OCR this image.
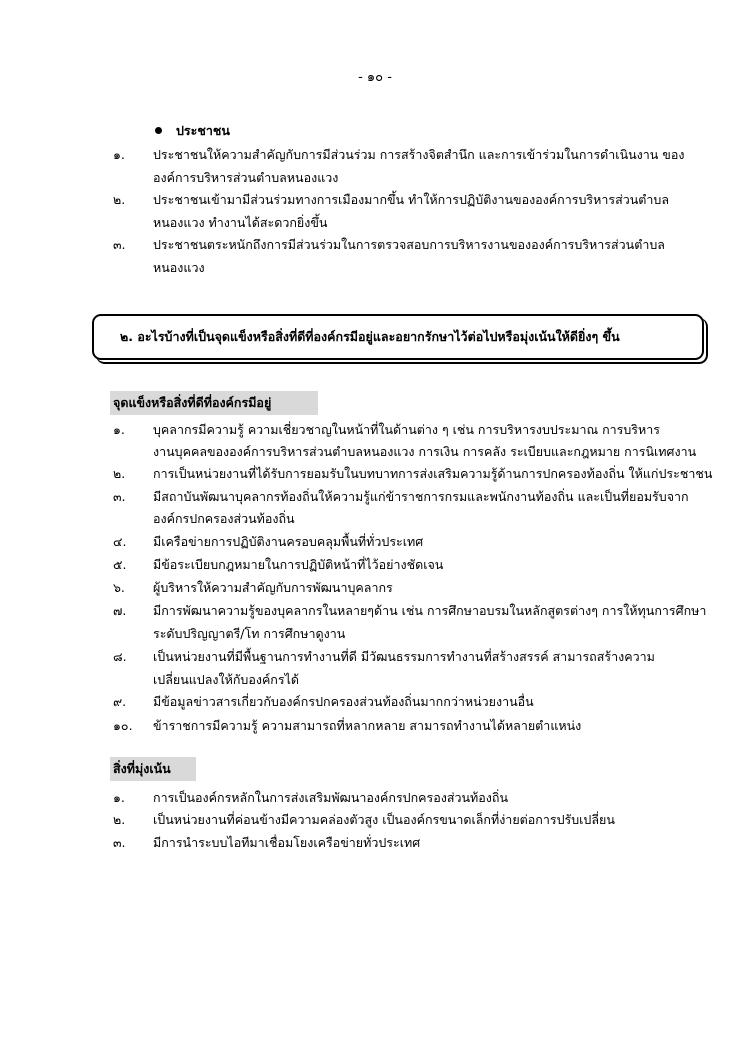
- ๑๐ -
ประชาชน
๑. ประชาชนให้ความสำคัญกับการมีส่วนร่วม การสร้างจิตสำนึก และการเข้าร่วมในการดำเนินงาน ของ
องค์การบริหารส่วนตำบลหนองแวง
๒. ประชาชนเข้ามามีส่วนร่วมทางการเมืองมากขึ้น ทำให้การปฏิบัติงานขององค์การบริหารส่วนตำบล
หนองแวง ทำงานได้สะดวกยิ่งขึ้น
๓. ประชาชนตระหนักถึงการมีส่วนร่วมในการตรวจสอบการบริหารงานขององค์การบริหารส่วนตำบล
หนองแวง
๒. อะไรบ้างที่เป็นจุดแข็งหรือสิ่งที่ดีที่องค์กรมีอยู่และอยากรักษาไว้ต่อไปหรือมุ่งเน้นให้ดียิ่งๆ ขึ้น
จุดแข็งหรือสิ่งที่ดีที่องค์กรมีอยู่
๑. บุคลากรมีความรู้ ความเชี่ยวชาญในหน้าที่ในด้านต่าง ๆ เช่น การบริหารงบประมาณ การบริหาร
งานบุคคลขององค์การบริหารส่วนตำบลหนองแวง การเงิน การคลัง ระเบียบและกฎหมาย การนิเทศงาน
๒. การเป็นหน่วยงานที่ได้รับการยอมรับในบทบาทการส่งเสริมความรู้ด้านการปกครองท้องถิ่น ให้แก่ประชาชน
๓. มีสถาบันพัฒนาบุคลากรท้องถิ่นให้ความรู้แก่ข้าราชการกรมและพนักงานท้องถิ่น และเป็นที่ยอมรับจาก
องค์กรปกครองส่วนท้องถิ่น
๔. มีเครือข่ายการปฏิบัติงานครอบคลุมพื้นที่ทั่วประเทศ
๕. มีข้อระเบียบกฎหมายในการปฏิบัติหน้าที่ไว้อย่างชัดเจน
๖. ผู้บริหารให้ความสำคัญกับการพัฒนาบุคลากร
๗. มีการพัฒนาความรู้ของบุคลากรในหลายๆด้าน เช่น การศึกษาอบรมในหลักสูตรต่างๆ การให้ทุนการศึกษา
ระดับปริญญาตรี/โท การศึกษาดูงาน
๘. เป็นหน่วยงานที่มีพื้นฐานการทำงานที่ดี มีวัฒนธรรมการทำงานที่สร้างสรรค์ สามารถสร้างความ
เปลี่ยนแปลงให้กับองค์กรได้
๙. มีข้อมูลข่าวสารเกี่ยวกับองค์กรปกครองส่วนท้องถิ่นมากกว่าหน่วยงานอื่น
๑๐. ข้าราชการมีความรู้ ความสามารถที่หลากหลาย สามารถทำงานได้หลายตำแหน่ง
สิ่งที่มุ่งเน้น
๑. การเป็นองค์กรหลักในการส่งเสริมพัฒนาองค์กรปกครองส่วนท้องถิ่น
๒. เป็นหน่วยงานที่ค่อนข้างมีความคล่องตัวสูง เป็นองค์กรขนาดเล็กที่ง่ายต่อการปรับเปลี่ยน
๓. มีการนำระบบไอทีมาเชื่อมโยงเครือข่ายทั่วประเทศ
